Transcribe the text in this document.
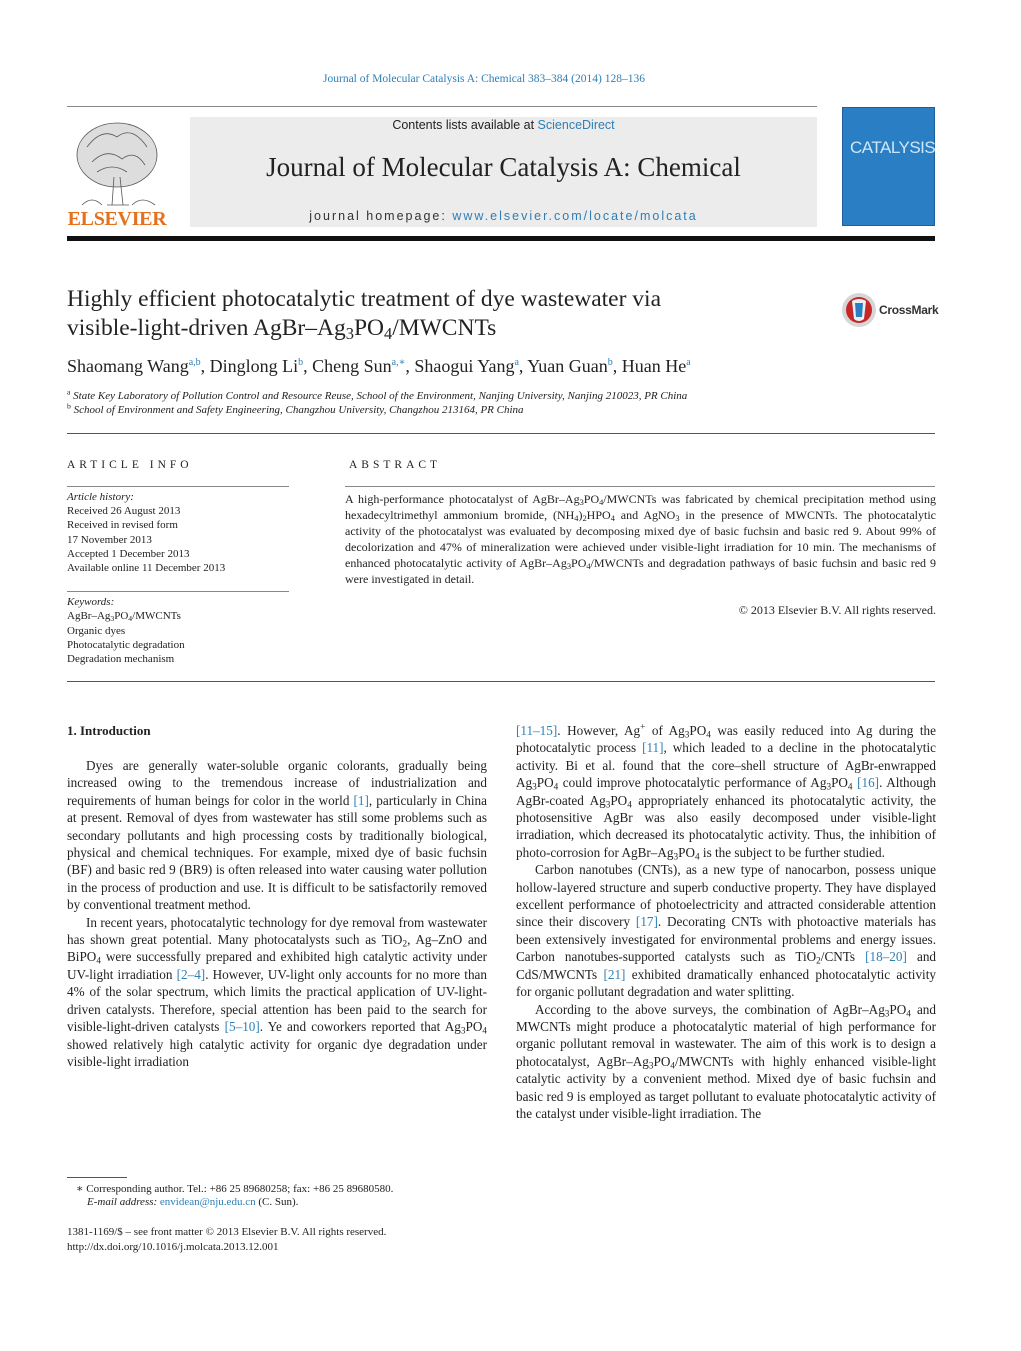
Journal of Molecular Catalysis A: Chemical 383–384 (2014) 128–136
ELSEVIER
Contents lists available at ScienceDirect
Journal of Molecular Catalysis A: Chemical
journal homepage: www.elsevier.com/locate/molcata
CATALYSIS
Highly efficient photocatalytic treatment of dye wastewater via
visible-light-driven AgBr–$Ag_3PO_4$/MWCNTs
CrossMark
Shaomang Wang$^{a,b}$, Dinglong Li$^b$, Cheng Sun$^{a,∗}$, Shaogui Yang$^a$, Yuan Guan$^b$, Huan He$^a$
$^a$ State Key Laboratory of Pollution Control and Resource Reuse, School of the Environment, Nanjing University, Nanjing 210023, PR China
$^b$ School of Environment and Safety Engineering, Changzhou University, Changzhou 213164, PR China
ARTICLE INFO	ABSTRACT
Article history:
Received 26 August 2013
Received in revised form
17 November 2013
Accepted 1 December 2013
Available online 11 December 2013
Keywords:
AgBr–$Ag_3PO_4$/MWCNTs
Organic dyes
Photocatalytic degradation
Degradation mechanism
A high-performance photocatalyst of AgBr–$Ag_3PO_4$/MWCNTs was fabricated by chemical precipitation method using hexadecyltrimethyl ammonium bromide, $(NH_4)_2HPO_4$ and AgNO$_3$ in the presence of MWCNTs. The photocatalytic activity of the photocatalyst was evaluated by decomposing mixed dye of basic fuchsin and basic red 9. About 99% of decolorization and 47% of mineralization were achieved under visible-light irradiation for 10 min. The mechanisms of enhanced photocatalytic activity of AgBr–$Ag_3PO_4$/MWCNTs and degradation pathways of basic fuchsin and basic red 9 were investigated in detail.
© 2013 Elsevier B.V. All rights reserved.
1. Introduction

Dyes are generally water-soluble organic colorants, gradually being increased owing to the tremendous increase of industrialization and requirements of human beings for color in the world [1], particularly in China at present. Removal of dyes from wastewater has still some problems such as secondary pollutants and high processing costs by traditionally biological, physical and chemical techniques. For example, mixed dye of basic fuchsin (BF) and basic red 9 (BR9) is often released into water causing water pollution in the process of production and use. It is difficult to be satisfactorily removed by conventional treatment method.

In recent years, photocatalytic technology for dye removal from wastewater has shown great potential. Many photocatalysts such as TiO$_2$, Ag–ZnO and BiPO$_4$ were successfully prepared and exhibited high catalytic activity under UV-light irradiation [2–4]. However, UV-light only accounts for no more than 4% of the solar spectrum, which limits the practical application of UV-light-driven catalysts. Therefore, special attention has been paid to the search for visible-light-driven catalysts [5–10]. Ye and coworkers reported that $Ag_3PO_4$ showed relatively high catalytic activity for organic dye degradation under visible-light irradiation

[11–15]. However, Ag+ of $Ag_3PO_4$ was easily reduced into Ag during the photocatalytic process [11], which leaded to a decline in the photocatalytic activity. Bi et al. found that the core–shell structure of AgBr-enwrapped $Ag_3PO_4$ could improve photocatalytic performance of $Ag_3PO_4$ [16]. Although AgBr-coated $Ag_3PO_4$ appropriately enhanced its photocatalytic activity, the photosensitive AgBr was also easily decomposed under visible-light irradiation, which decreased its photocatalytic activity. Thus, the inhibition of photo-corrosion for AgBr–$Ag_3PO_4$ is the subject to be further studied.

Carbon nanotubes (CNTs), as a new type of nanocarbon, possess unique hollow-layered structure and superb conductive property. They have displayed excellent performance of photoelectricity and attracted considerable attention since their discovery [17]. Decorating CNTs with photoactive materials has been extensively investigated for environmental problems and energy issues. Carbon nanotubes-supported catalysts such as TiO$_2$/CNTs [18–20] and CdS/MWCNTs [21] exhibited dramatically enhanced photocatalytic activity for organic pollutant degradation and water splitting.

According to the above surveys, the combination of AgBr–$Ag_3PO_4$ and MWCNTs might produce a photocatalytic material of high performance for organic pollutant removal in wastewater. The aim of this work is to design a photocatalyst, AgBr–$Ag_3PO_4$/MWCNTs with highly enhanced visible-light catalytic activity by a convenient method. Mixed dye of basic fuchsin and basic red 9 is employed as target pollutant to evaluate photocatalytic activity of the catalyst under visible-light irradiation. The

∗ Corresponding author. Tel.: +86 25 89680258; fax: +86 25 89680580.
E-mail address: envidean@nju.edu.cn (C. Sun).
1381-1169/$ – see front matter © 2013 Elsevier B.V. All rights reserved.
http://dx.doi.org/10.1016/j.molcata.2013.12.001
